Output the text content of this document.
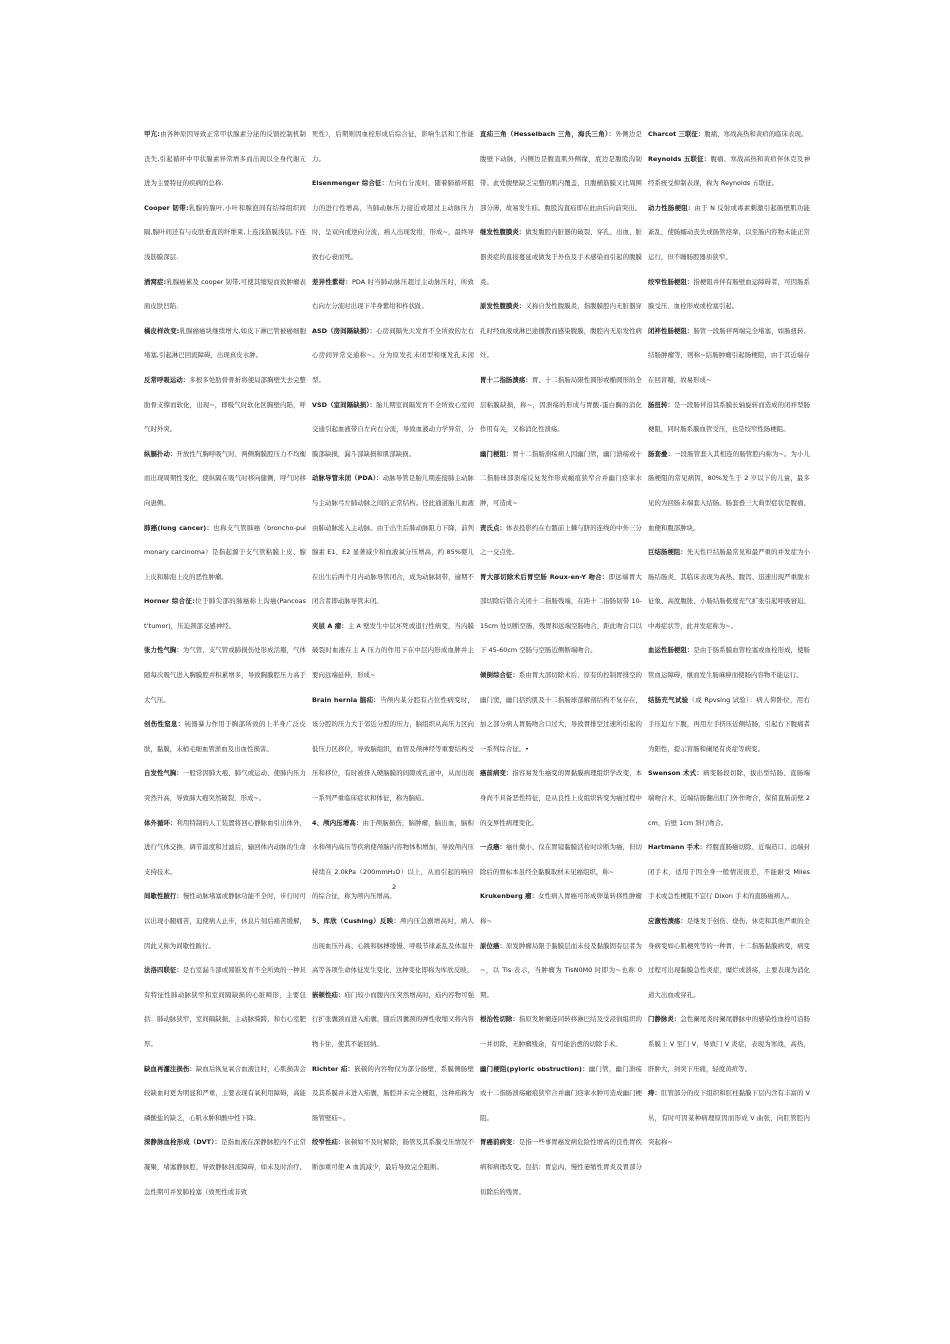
甲亢:由各种原因导致正常甲状腺素分泌的反馈控制机制丧失,引起循环中甲状腺素异常增多而出现以全身代谢亢进为主要特征的疾病的总称.

Cooper 韧带:乳腺的腺叶,小叶和腺泡间有结缔组织间隔,腺叶间还有与皮肤垂直的纤维束,上连浅筋膜浅层,下连浅筋膜深层.

酒窝症:乳腺癌累及 cooper 韧带,可使其缩短而致肿瘤表面皮肤凹陷.

橘皮样改变:乳腺癌癌块继续增大,如皮下淋巴管被癌细胞堵塞,引起淋巴回流障碍，出现真皮水肿。

反常呼吸运动：多根多处肋骨骨折将使局部胸壁失去完整肋骨支撑而软化，出现~，即吸气时软化区胸壁内陷，呼气时外突。

纵膈扑动：开放性气胸呼吸气时，两侧胸膜腔压力不均衡而出现周期性变化，使纵隔在吸气时移向健侧，呼气时移向患侧。

肺癌(lung cancer)：也称支气管肺癌（broncho-pulmonary carcinoma）是指起源于支气管粘膜上皮、腺上皮和肺泡上皮的恶性肿瘤。

Horner 综合征:位于肺尖部的肺癌称上沟癌(Pancoast’tumor)，压迫颈部交感神经。

张力性气胸：为气管、支气管或肺损伤处形成活瓣，气体随每次吸气进入胸膜腔并积累增多，导致胸膜腔压力高于大气压。

创伤性窒息：钝器暴力作用于胸部所致的上半身广泛皮肤，黏膜，末梢毛细血管淤血及出血性损害。

自发性气胸：一般常因肺大疱、肺气或运动、使肺内压力突然升高，导致肺大疱突然破裂，形成~。

体外循环：利用特制的人工装置将回心静脉血引出体外，进行气体交换，调节温度和过滤后，输回体内动脉的生命支持技术。

间歇性跛行：慢性动脉堵塞或静脉功能不全时，步行时可以出现小腿痛苦，迫使病人止步，休息片刻后痛苦缓解，因此又称为间歇性跛行。

法洛四联征：是右室漏斗部或圆锥发育不全所致的一种具有特征性肺动脉狭窄和室间隔缺损的心脏畸形，主要包括：肺动脉狭窄，室间隔缺损，主动脉骑跨，和右心室肥厚。

缺血再灌注损伤：缺血后恢复氧合血液注时，心肌损害会较缺血时更为明显和严重，主要表现有氧利用障碍，高能磷酸盐的缺乏，心肌水肿和酸中性下降。

深静脉血栓形成（DVT）：是指血液在深静脉腔内不正常凝聚，堵塞静脉腔，导致静脉回流障碍，如未及时治疗，急性期可并发肺栓塞（致死性或非致

死性），后期则因血栓形成后综合征，影响生活和工作能力。

Eisenmenger 综合征：左向右分流时，随着肺循环阻力的进行性增高，当肺动脉压力接近或超过主动脉压力时，呈双向或逆向分流，病人出现发绀，形成~，最终导致右心衰而死。

差异性紫绀：PDA 时当肺动脉压超过主动脉压时，所致右向左分流时出现下半身紫绀和杵状趾。

ASD（房间隔缺损）：心房间隔先天发育不全所致的左右心房间异常交通称~。分为原发孔未闭型和继发孔未闭型。

VSD（室间隔缺损）：胎儿期室间隔发育不全所致心室间交通引起血液带自左向右分流，导致血液动力学异常，分膜部缺损，漏斗部缺损和肌部缺损。

动脉导管未闭（PDA）：动脉导管是胎儿期连接肺主动脉与主动脉弓左肺动脉之间的正常结构。径此通道胎儿血液由肺动脉流入主动脉。由于出生后肺动脉阻力下降，前列腺素 E1、E2 显著减少和血液氧分压增高，约 85%婴儿在出生后两个月内动脉导管闭合，成为动脉韧带，逾期不闭合者即动脉导管未闭。

夹层 A 瘤：主 A 壁发生中层坏死或退行性病变，当内膜破裂时血液在主 A 压力的作用下在中层内形成血肿并主要向远端延伸，形成~

Brain hernia 脑疝：当颅内某分腔有占位性病变时，该分腔的压力大于邻近分腔的压力，脑组织从高压力区向低压力区移位，导致脑组织，血管及颅神经等重要结构受压和移位，有时被挤入硬脑膜的间隙或孔道中，从而出现一系列严重临床症状和体征，称为脑疝。

4、颅内压增高：由于颅脑损伤，脑肿瘤，脑出血，脑积水和颅内高压等疾病使颅脑内容物体积增加，导致颅内压持续在 2.0kPa（200mmH₂O）以上，从而引起的响应的综合征，称为颅内压增高。

5、库欣（Cushing）反映：颅内压急剧增高时，病人出现血压升高、心跳和脉搏缓慢、呼吸节律紊乱及体温升高等各项生命体征发生变化，这种变化即称为库欣反映。

嵌顿性疝：疝门较小而腹内压突然增高时，疝内容物可强行扩张囊颈而进入疝囊，随后因囊颈的弹性收缩又将内容物卡住，使其不能回纳。

Richter 疝：嵌顿的内容物仅为部分肠壁，系膜侧肠壁及其系膜并未进入疝囊，肠腔并未完全梗阻，这种疝称为肠管壁疝~。

绞窄性疝：嵌顿如不及时解除，肠管及其系膜受压情况不断加重可使 A 血流减少，最后导致完全阻断。

直疝三角（Hesselbach 三角，海氏三角）：外侧边是腹壁下动脉，内侧边是腹直肌外侧缘，底边是腹股沟韧带。此处腹壁缺乏完整的肌内覆盖，且腹横筋膜又比周围部分薄，故易发生疝。腹股沟直疝即在此由后向前突出。

继发性腹膜炎：做发腹腔内脏器的破裂、穿孔、出血、脏器炎症的直接蔓延或做发于外伤及手术感染而引起的腹膜炎。

原发性腹膜炎：又称自发性腹膜炎，指腹膜腔内无脏器穿孔时经血液或淋巴途播散而感染腹膜，腹腔内无原发性病灶。

胃十二指肠溃疡：胃、十二指肠局限性圆形或椭圆形的全层粘膜缺损，称~，因溃疡的形成与胃酸-蛋白酶的消化作用有关，又称消化性溃疡。

幽门梗阻：胃十二指肠溃疡病人因幽门管，幽门溃疡或十二指肠球部溃疡反复发作形成瘢痕狭窄合并幽门痉挛水肿，可造成~

责氏点：体表投影约在右髂前上棘与脐的连线的中外三分之一交点处。

胃大部切除术后胃空肠 Roux-en-Y 吻合：即远端胃大部切除后错合关闭十二指肠残端，在距十二指肠韧带 10-15cm 处切断空肠，残胃和远端空肠吻合，距此吻合口以下 45-60cm 空肠与空肠近侧断端吻合。

倾倒综合征：系由胃大部切除术后，原有的控制胃排空的幽门窦，幽门括约肌及十二指肠球部解剖结构不复存在，加之部分病人胃肠吻合口过大，导致胃排空过速所引起的一系列综合征。•

癌前病变：指容易发生癌变的胃黏膜病理组织学改变，本身尚不具备恶性特征，是从良性上皮组织转变为癌过程中的交界性病理变化。

一点癌：癌灶微小，仅在胃镜黏膜活检时诊断为癌，但切除后的胃标本虽经全黏膜取材未见癌组织，称~

Krukenberg 瘤：女性病人胃癌可形成卵巢转移性肿瘤称~

原位癌：原发肿瘤局限于黏膜层而未侵及黏膜固有层者为~，以 Tis 表示，当肿瘤为 TisN0M0 时即为~也称 0 期。

根治性切除：指原发肿瘤连同转移淋巴结及受浸润组织的一并切除，无肿瘤残余，有可能治愈的切除手术。

幽门梗阻(pyloric obstruction)：幽门管，幽门溃疡或十二指肠溃疡瘢痕狭窄合并幽门痉挛水肿可造成幽门梗阻。

胃癌前病变：是指一些事胃癌发病危险性增高的良性胃疾病和病理改变。包括：胃息肉，慢性萎缩性胃炎及胃部分切除后的残胃。

Charcot 三联征：腹痛、寒战高热和黄疸的临床表现。

Reynolds 五联征：腹痛、寒战高热和黄疸伴休克及神经系统受抑制表现，称为 Reynolds 五联征。

动力性肠梗阻：由于 N 反射或毒素刺激引起肠壁肌功能紊乱，使肠蠕动丧失或肠管痉挛，以至肠内容物未能正常运行，但不睡肠腔器质狭窄。

绞窄性肠梗阻：指梗阻并伴有肠壁血运障碍者，可因肠系膜受压、血栓形成或栓塞引起。

闭袢性肠梗阻：肠管一段肠袢两端完全堵塞，如肠扭转、结肠肿瘤等，则称~结肠肿瘤引起肠梗阻，由于其近端存在回盲瓣，故易形成~

肠扭转：是一段肠袢沿其系膜长轴旋转而造成的闭袢型肠梗阻，同时肠系膜血管受压，也是绞窄性肠梗阻。

肠套叠：一段肠管套入其相连的肠管腔内称为~。为小儿肠梗阻的常见病因，80%发生于 2 岁以下的儿童，最多见的为回肠末端套入结肠。肠套叠三大典型症状是腹痛、血便和腹部肿块。

巨结肠梗阻：先天性巨结肠最常见和最严重的并发症为小肠结肠炎，其临床表现为高热、腹泻、迅速出现严重脱水征象、高度腹胀、小肠结肠极度充气扩张引起呼吸窘迫、中毒症状等，此并发症称为~。

血运性肠梗阻：是由于肠系膜血管栓塞或血栓形成，使肠管血运障碍，继而发生肠麻痹而使肠内容物不能运行。

结肠充气试验（或 Rpvsing 试验）：病人仰卧位，用右手压迫左下腹，再用左手挤压近侧结肠，引起右下腹痛者为阳性，提示盲肠和阑尾有炎症等病变。

Swenson 术式：病变肠段切除，拔出型结肠、直肠端端吻合术，近端结肠翻出肛门外作吻合，保留直肠前壁 2cm，后壁 1cm 斜行吻合。

Hartmann 手术：经腹直肠癌切除、近端造口、远端封闭手术，适用于因全身一般情况很差，不能耐受 Miles 手术或急性梗阻不宜行 Dixon 手术的直肠癌病人。

应激性溃疡：是继发于创伤、烧伤、休克和其他严重的全身病变如心肌梗死等的一种胃、十二指肠黏膜病变，病变过程可出现黏膜急性炎症，糜烂或溃疡，主要表现为消化道大出血或穿孔。

门静脉炎：急性阑尾炎时阑尾静脉中的感染性血栓可沿肠系膜上 V 至门 V，导致门 V 炎症，表现为寒战，高热，肝肿大，剑突下压痛，轻度黄疸等。

痔：肛管部分的皮下组织和肛柱黏膜下层内含有丰富的 V 丛，有时可因某种病理原因而形成 V 曲张，向肛管腔内突起称~

2
